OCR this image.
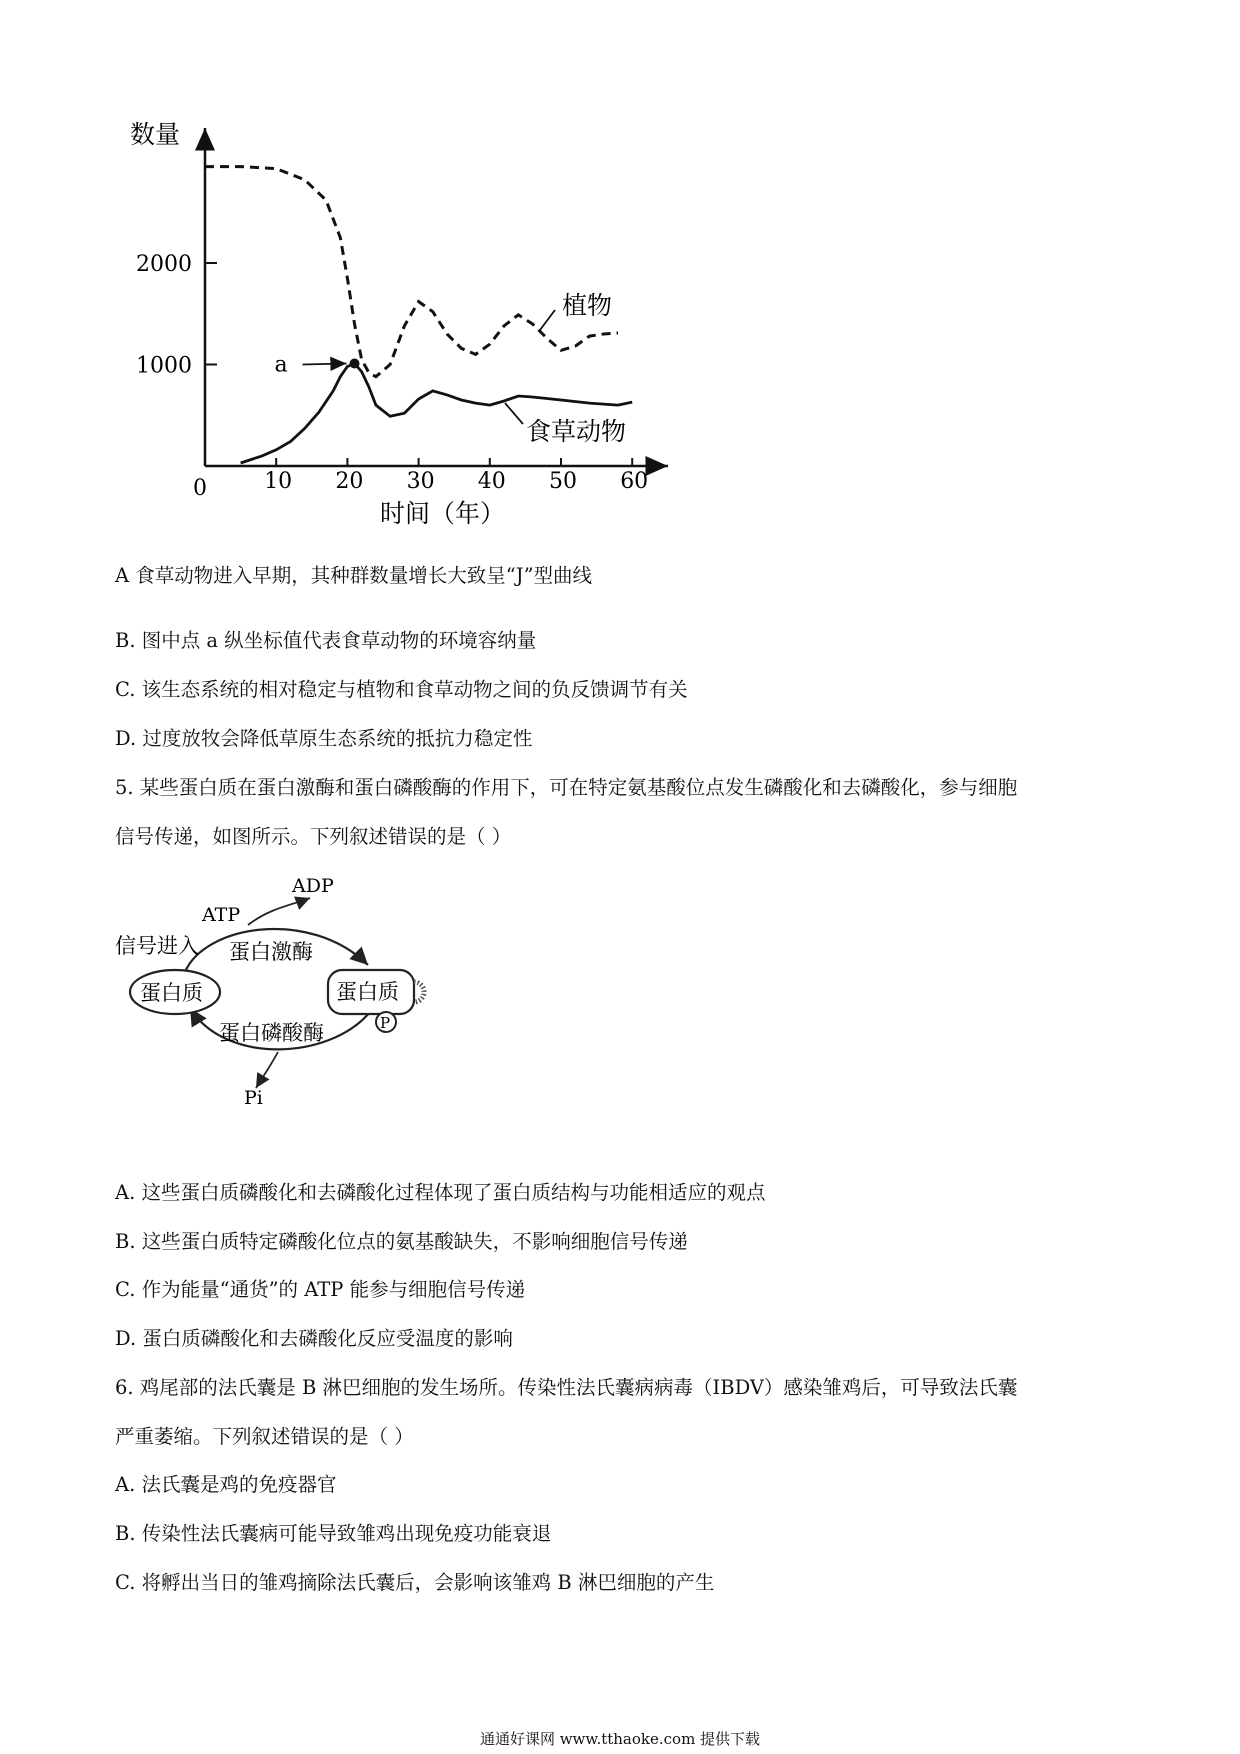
0	10 20 30 40 50 60
1000
2000
a
数量
时间（年）
植物
食草动物
A 食草动物进入早期，其种群数量增长大致呈“J”型曲线
B. 图中点 a 纵坐标值代表食草动物的环境容纳量
C. 该生态系统的相对稳定与植物和食草动物之间的负反馈调节有关
D. 过度放牧会降低草原生态系统的抵抗力稳定性
5. 某些蛋白质在蛋白激酶和蛋白磷酸酶的作用下，可在特定氨基酸位点发生磷酸化和去磷酸化，参与细胞
信号传递，如图所示。下列叙述错误的是（ ）
蛋白质	蛋白质
P
信号进入
ATP
ADP
蛋白激酶
蛋白磷酸酶
Pi
A. 这些蛋白质磷酸化和去磷酸化过程体现了蛋白质结构与功能相适应的观点
B. 这些蛋白质特定磷酸化位点的氨基酸缺失，不影响细胞信号传递
C. 作为能量“通货”的 ATP 能参与细胞信号传递
D. 蛋白质磷酸化和去磷酸化反应受温度的影响
6. 鸡尾部的法氏囊是 B 淋巴细胞的发生场所。传染性法氏囊病病毒（IBDV）感染雏鸡后，可导致法氏囊
严重萎缩。下列叙述错误的是（ ）
A. 法氏囊是鸡的免疫器官
B. 传染性法氏囊病可能导致雏鸡出现免疫功能衰退
C. 将孵出当日的雏鸡摘除法氏囊后，会影响该雏鸡 B 淋巴细胞的产生
通通好课网 www.tthaoke.com 提供下载
